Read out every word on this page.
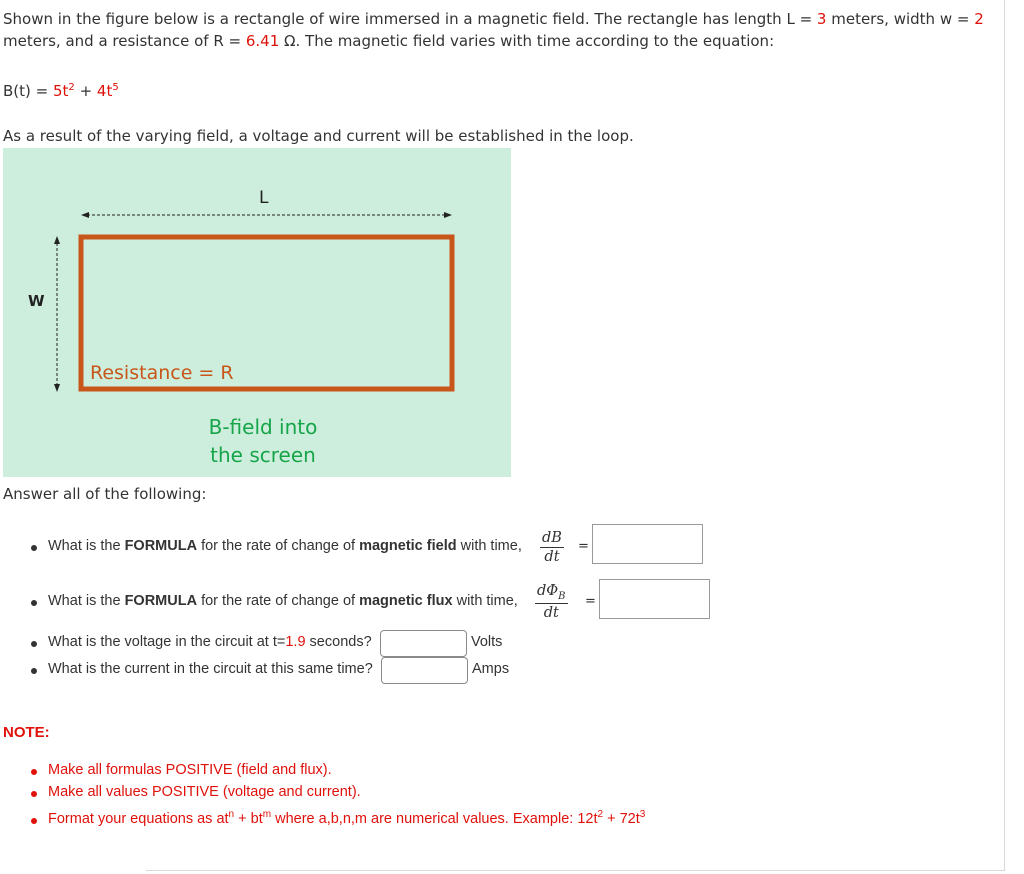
Shown in the figure below is a rectangle of wire immersed in a magnetic field. The rectangle has length L = 3 meters, width w = 2
meters, and a resistance of R = 6.41 Ω. The magnetic field varies with time according to the equation:
$B(t) = 5t^2 + 4t^5$
As a result of the varying field, a voltage and current will be established in the loop.
L
W
Resistance = R
B-field into
the screen
Answer all of the following:
What is the FORMULA for the rate of change of magnetic field with time, $\frac{dB}{dt}$ =
What is the FORMULA for the rate of change of magnetic flux with time,
$d\Phi_B$
dt
=
What is the voltage in the circuit at t=1.9 seconds?	Volts
What is the current in the circuit at this same time?	Amps
NOTE:
Make all formulas POSITIVE (field and flux).
Make all values POSITIVE (voltage and current).
Format your equations as $at^n + bt^m$ where a,b,n,m are numerical values. Example: $12t^2 + 72t^3$
